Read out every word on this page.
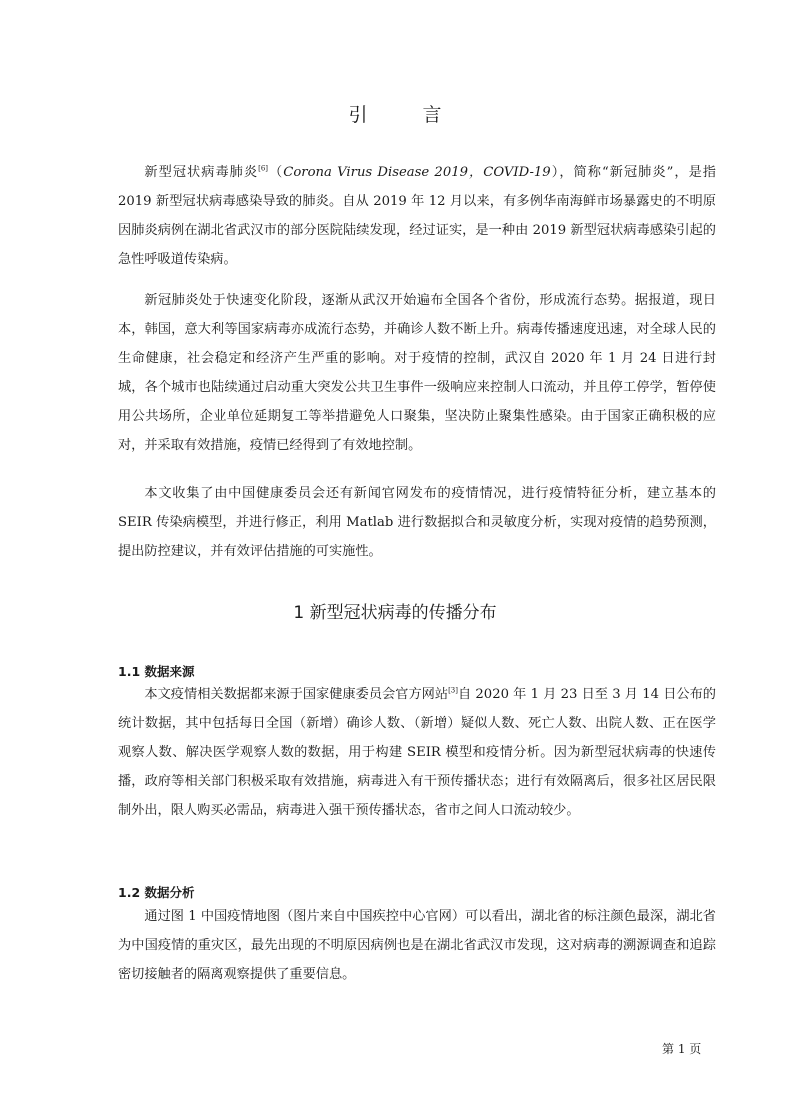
引　言

新型冠状病毒肺炎[6]（Corona Virus Disease 2019，COVID-19），简称“新冠肺炎”，是指 2019 新型冠状病毒感染导致的肺炎。自从 2019 年 12 月以来，有多例华南海鲜市场暴露史的不明原因肺炎病例在湖北省武汉市的部分医院陆续发现，经过证实，是一种由 2019 新型冠状病毒感染引起的急性呼吸道传染病。

新冠肺炎处于快速变化阶段，逐渐从武汉开始遍布全国各个省份，形成流行态势。据报道，现日本，韩国，意大利等国家病毒亦成流行态势，并确诊人数不断上升。病毒传播速度迅速，对全球人民的生命健康，社会稳定和经济产生严重的影响。对于疫情的控制，武汉自 2020 年 1 月 24 日进行封城，各个城市也陆续通过启动重大突发公共卫生事件一级响应来控制人口流动，并且停工停学，暂停使用公共场所，企业单位延期复工等举措避免人口聚集，坚决防止聚集性感染。由于国家正确积极的应对，并采取有效措施，疫情已经得到了有效地控制。

本文收集了由中国健康委员会还有新闻官网发布的疫情情况，进行疫情特征分析，建立基本的 SEIR 传染病模型，并进行修正，利用 Matlab 进行数据拟合和灵敏度分析，实现对疫情的趋势预测，提出防控建议，并有效评估措施的可实施性。

1 新型冠状病毒的传播分布
1.1 数据来源

本文疫情相关数据都来源于国家健康委员会官方网站[3]自 2020 年 1 月 23 日至 3 月 14 日公布的统计数据，其中包括每日全国（新增）确诊人数、（新增）疑似人数、死亡人数、出院人数、正在医学观察人数、解决医学观察人数的数据，用于构建 SEIR 模型和疫情分析。因为新型冠状病毒的快速传播，政府等相关部门积极采取有效措施，病毒进入有干预传播状态；进行有效隔离后，很多社区居民限制外出，限人购买必需品，病毒进入强干预传播状态，省市之间人口流动较少。

1.2 数据分析

通过图 1 中国疫情地图（图片来自中国疾控中心官网）可以看出，湖北省的标注颜色最深，湖北省为中国疫情的重灾区，最先出现的不明原因病例也是在湖北省武汉市发现，这对病毒的溯源调查和追踪密切接触者的隔离观察提供了重要信息。

第 1 页
